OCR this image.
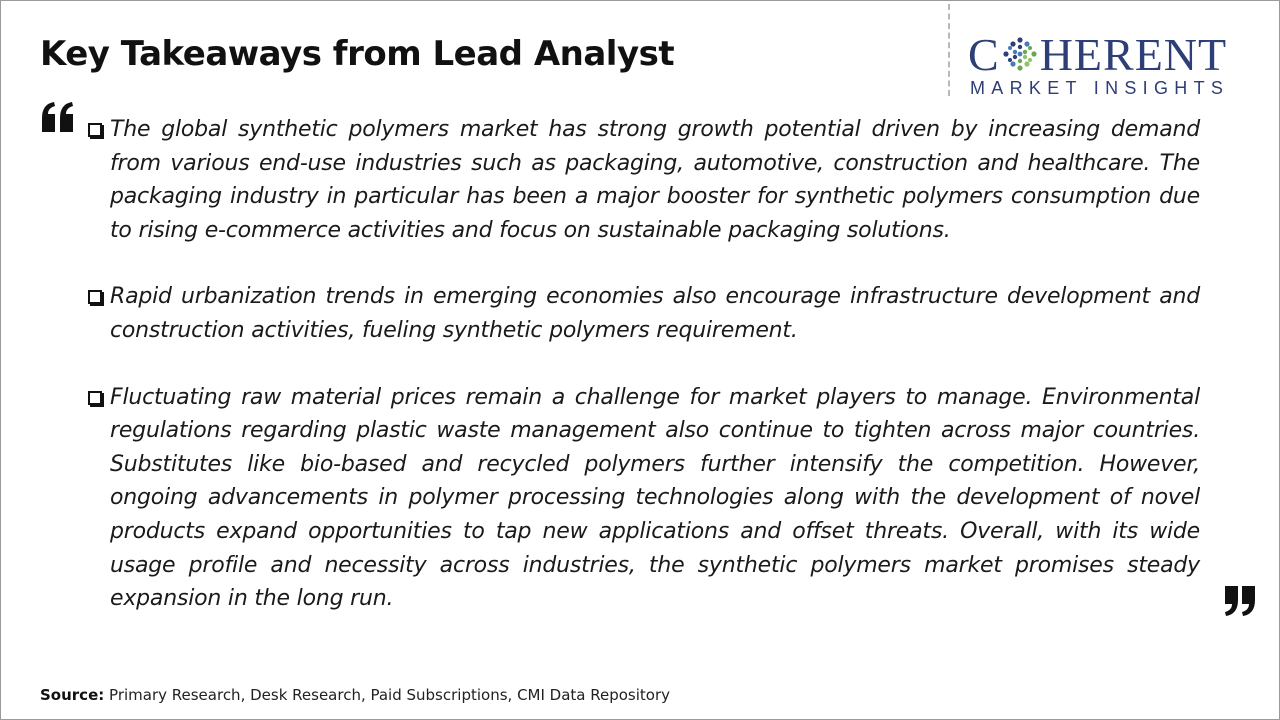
Key Takeaways from Lead Analyst	C HERENT
MARKET INSIGHTS
The global synthetic polymers market has strong growth potential driven by increasing demand from various end-use industries such as packaging, automotive, construction and healthcare. The packaging industry in particular has been a major booster for synthetic polymers consumption due to rising e-commerce activities and focus on sustainable packaging solutions.
Rapid urbanization trends in emerging economies also encourage infrastructure development and construction activities, fueling synthetic polymers requirement.
Fluctuating raw material prices remain a challenge for market players to manage. Environmental regulations regarding plastic waste management also continue to tighten across major countries. Substitutes like bio-based and recycled polymers further intensify the competition. However, ongoing advancements in polymer processing technologies along with the development of novel products expand opportunities to tap new applications and offset threats. Overall, with its wide usage profile and necessity across industries, the synthetic polymers market promises steady expansion in the long run.
Source: Primary Research, Desk Research, Paid Subscriptions, CMI Data Repository
